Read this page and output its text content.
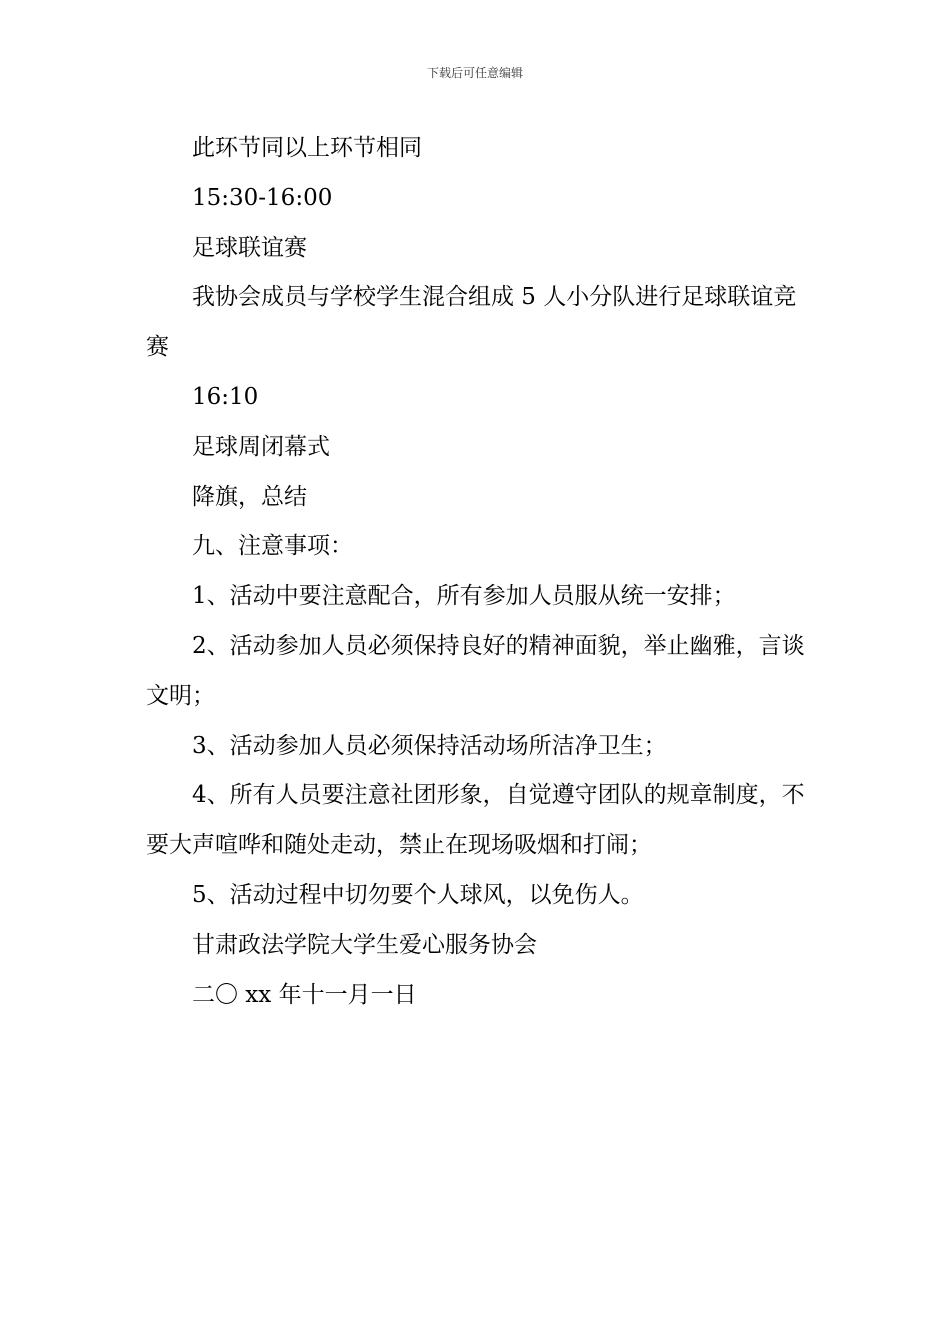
下载后可任意编辑

此环节同以上环节相同

15:30-16:00

足球联谊赛

我协会成员与学校学生混合组成 5 人小分队进行足球联谊竞赛

16:10

足球周闭幕式

降旗，总结

九、注意事项：

1、活动中要注意配合，所有参加人员服从统一安排；

2、活动参加人员必须保持良好的精神面貌，举止幽雅，言谈文明；

3、活动参加人员必须保持活动场所洁净卫生；

4、所有人员要注意社团形象，自觉遵守团队的规章制度，不要大声喧哗和随处走动，禁止在现场吸烟和打闹；

5、活动过程中切勿要个人球风，以免伤人。

甘肃政法学院大学生爱心服务协会

二〇 xx 年十一月一日
